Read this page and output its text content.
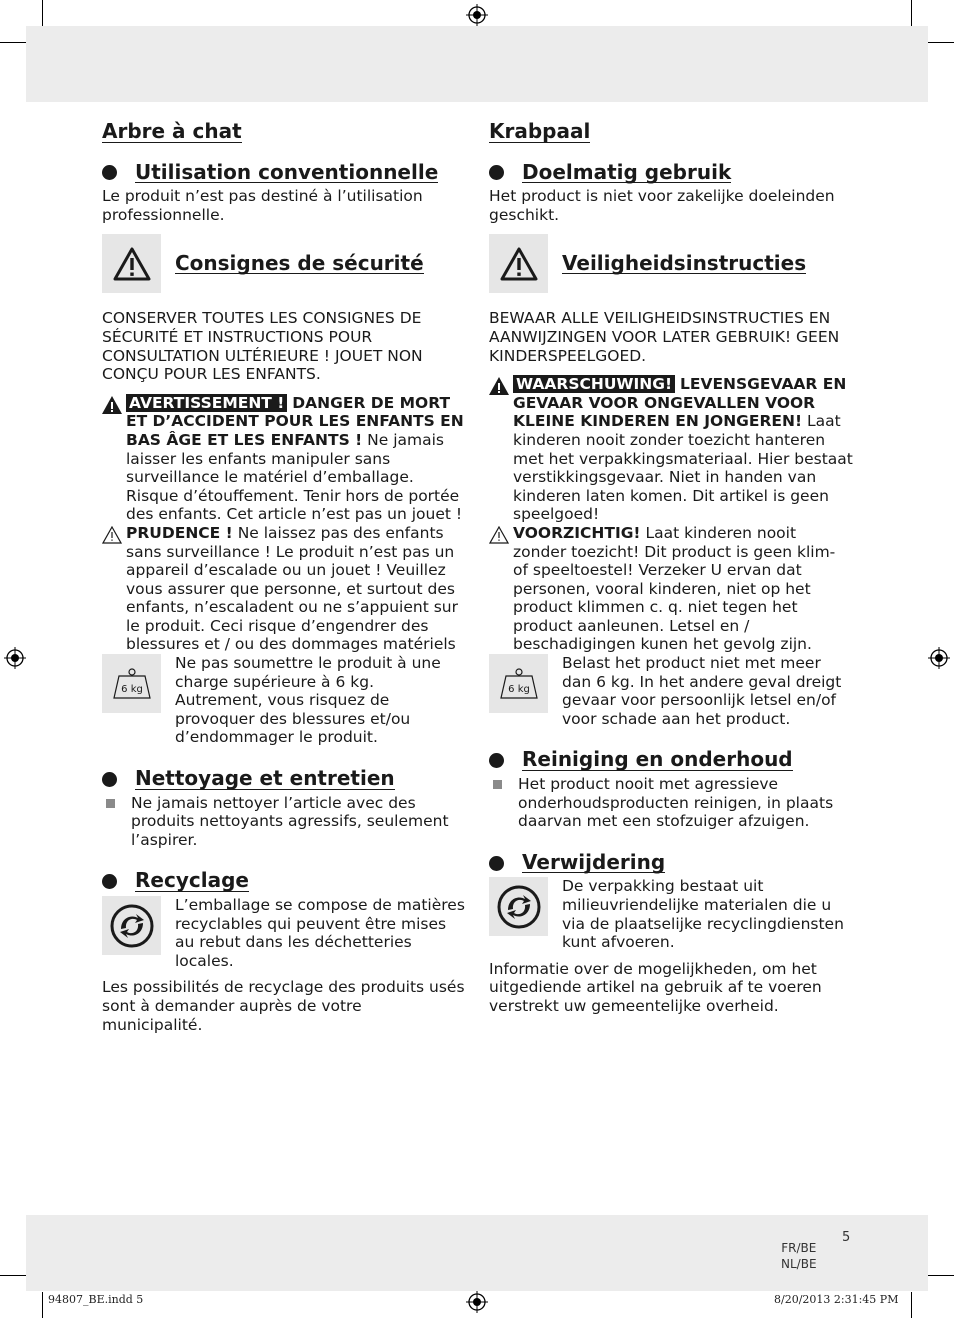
Arbre à chat
Utilisation conventionnelle

Le produit n’est pas destiné à l’utilisation professionnelle.

Consignes de sécurité

CONSERVER TOUTES LES CONSIGNES DE SÉCURITÉ ET INSTRUCTIONS POUR CONSULTATION ULTÉRIEURE ! JOUET NON CONÇU POUR LES ENFANTS.

AVERTISSEMENT ! DANGER DE MORT ET D’ACCIDENT POUR LES ENFANTS EN BAS ÂGE ET LES ENFANTS ! Ne jamais laisser les enfants manipuler sans surveillance le matériel d’emballage. Risque d’étouffement. Tenir hors de portée des enfants. Cet article n’est pas un jouet !
PRUDENCE ! Ne laissez pas des enfants sans surveillance ! Le produit n’est pas un appareil d’escalade ou un jouet ! Veuillez vous assurer que personne, et surtout des enfants, n’escaladent ou ne s’appuient sur le produit. Ceci risque d’engendrer des blessures et / ou des dommages matériels
6 kg
Ne pas soumettre le produit à une charge supérieure à 6 kg. Autrement, vous risquez de provoquer des blessures et/ou d’endommager le produit.
Nettoyage et entretien
Ne jamais nettoyer l’article avec des produits nettoyants agressifs, seulement l’aspirer.
Recyclage
L’emballage se compose de matières recyclables qui peuvent être mises au rebut dans les déchetteries locales.

Les possibilités de recyclage des produits usés sont à demander auprès de votre municipalité.

Krabpaal
Doelmatig gebruik

Het product is niet voor zakelijke doeleinden geschikt.

Veiligheidsinstructies

BEWAAR ALLE VEILIGHEIDSINSTRUCTIES EN AANWIJZINGEN VOOR LATER GEBRUIK! GEEN KINDERSPEELGOED.

WAARSCHUWING! LEVENSGEVAAR EN GEVAAR VOOR ONGEVALLEN VOOR KLEINE KINDEREN EN JONGEREN! Laat kinderen nooit zonder toezicht hanteren met het verpakkingsmateriaal. Hier bestaat verstikkingsgevaar. Niet in handen van kinderen laten komen. Dit artikel is geen speelgoed!
VOORZICHTIG! Laat kinderen nooit zonder toezicht! Dit product is geen klim- of speeltoestel! Verzeker U ervan dat personen, vooral kinderen, niet op het product klimmen c. q. niet tegen het product aanleunen. Letsel en / beschadigingen kunen het gevolg zijn.
6 kg
Belast het product niet met meer dan 6 kg. In het andere geval dreigt gevaar voor persoonlijk letsel en/of voor schade aan het product.
Reiniging en onderhoud
Het product nooit met agressieve onderhoudsproducten reinigen, in plaats daarvan met een stofzuiger afzuigen.
Verwijdering
De verpakking bestaat uit milieuvriendelijke materialen die u via de plaatselijke recyclingdiensten kunt afvoeren.

Informatie over de mogelijkheden, om het uitgediende artikel na gebruik af te voeren verstrekt uw gemeentelijke overheid.

FR/BE
NL/BE
5
94807_BE.indd 5	8/20/2013 2:31:45 PM
